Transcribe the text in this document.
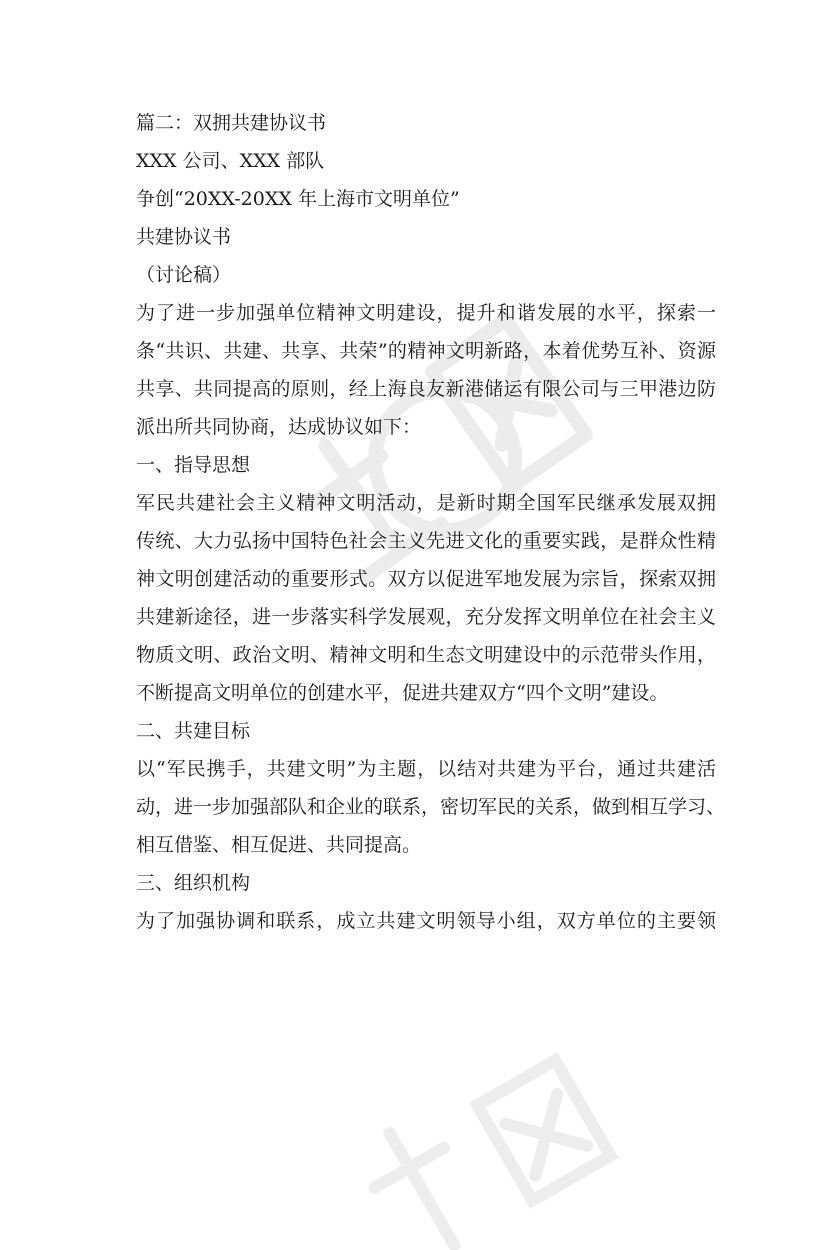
篇二：双拥共建协议书

XXX 公司、XXX 部队

争创“20XX-20XX 年上海市文明单位”

共建协议书

（讨论稿）

为了进一步加强单位精神文明建设，提升和谐发展的水平，探索一
条“共识、共建、共享、共荣”的精神文明新路，本着优势互补、资源
共享、共同提高的原则，经上海良友新港储运有限公司与三甲港边防
派出所共同协商，达成协议如下：

一、指导思想

军民共建社会主义精神文明活动，是新时期全国军民继承发展双拥
传统、大力弘扬中国特色社会主义先进文化的重要实践，是群众性精
神文明创建活动的重要形式。双方以促进军地发展为宗旨，探索双拥
共建新途径，进一步落实科学发展观，充分发挥文明单位在社会主义
物质文明、政治文明、精神文明和生态文明建设中的示范带头作用，
不断提高文明单位的创建水平，促进共建双方“四个文明”建设。

二、共建目标

以“军民携手，共建文明”为主题，以结对共建为平台，通过共建活
动，进一步加强部队和企业的联系，密切军民的关系，做到相互学习、
相互借鉴、相互促进、共同提高。

三、组织机构

为了加强协调和联系，成立共建文明领导小组，双方单位的主要领
